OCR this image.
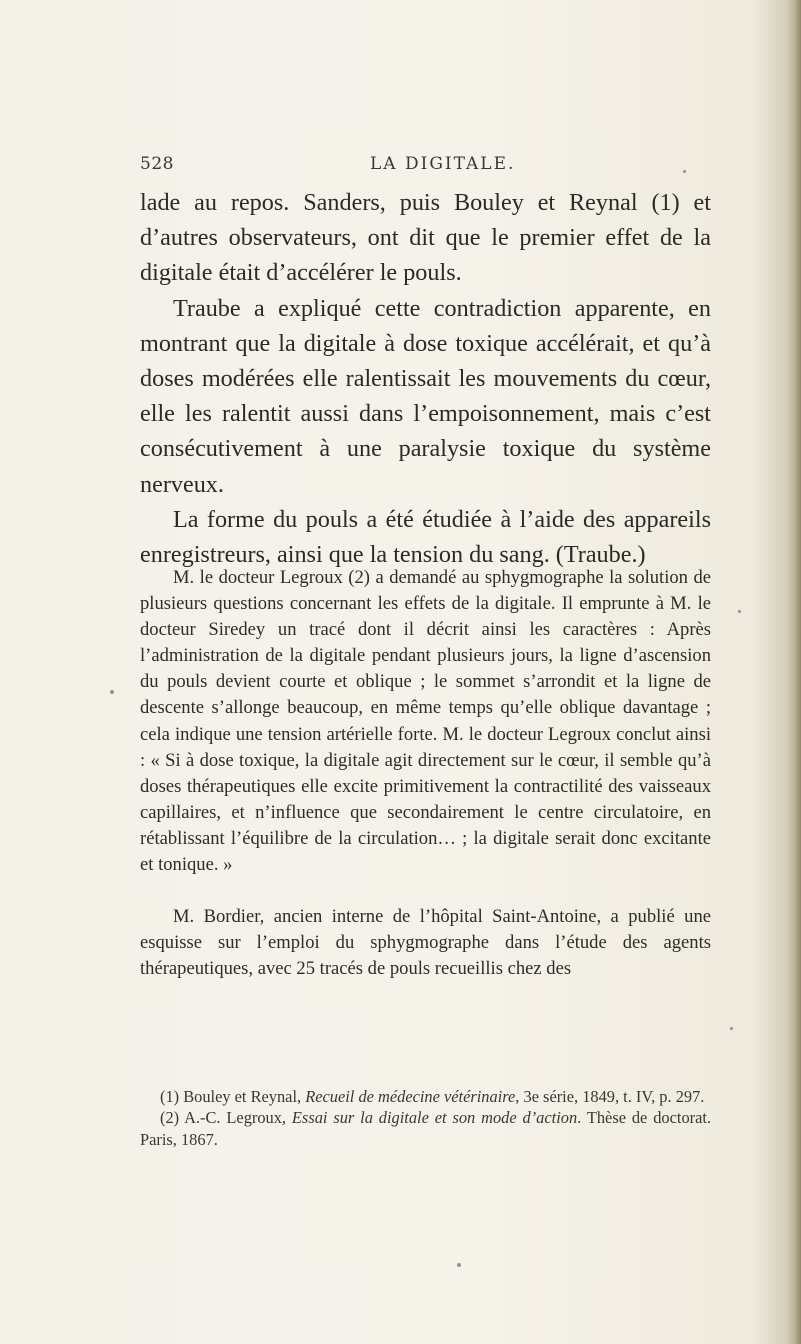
528	LA DIGITALE.

lade au repos. Sanders, puis Bouley et Reynal (1) et d’autres observateurs, ont dit que le premier effet de la digitale était d’accélérer le pouls.

Traube a expliqué cette contradiction apparente, en montrant que la digitale à dose toxique accélérait, et qu’à doses modérées elle ralentissait les mouvements du cœur, elle les ralentit aussi dans l’empoisonnement, mais c’est consécutivement à une paralysie toxique du système nerveux.

La forme du pouls a été étudiée à l’aide des appareils enregistreurs, ainsi que la tension du sang. (Traube.)

M. le docteur Legroux (2) a demandé au sphygmographe la solution de plusieurs questions concernant les effets de la digitale. Il emprunte à M. le docteur Siredey un tracé dont il décrit ainsi les caractères : Après l’administration de la digitale pendant plusieurs jours, la ligne d’ascension du pouls devient courte et oblique ; le sommet s’arrondit et la ligne de descente s’allonge beaucoup, en même temps qu’elle oblique davantage ; cela indique une tension artérielle forte. M. le docteur Legroux conclut ainsi : « Si à dose toxique, la digitale agit directement sur le cœur, il semble qu’à doses thérapeutiques elle excite primitivement la contractilité des vaisseaux capillaires, et n’influence que secondairement le centre circulatoire, en rétablissant l’équilibre de la circulation… ; la digitale serait donc excitante et tonique. »

M. Bordier, ancien interne de l’hôpital Saint-Antoine, a publié une esquisse sur l’emploi du sphygmographe dans l’étude des agents thérapeutiques, avec 25 tracés de pouls recueillis chez des

(1) Bouley et Reynal, Recueil de médecine vétérinaire, 3e série, 1849, t. IV, p. 297.

(2) A.-C. Legroux, Essai sur la digitale et son mode d’action. Thèse de doctorat. Paris, 1867.
